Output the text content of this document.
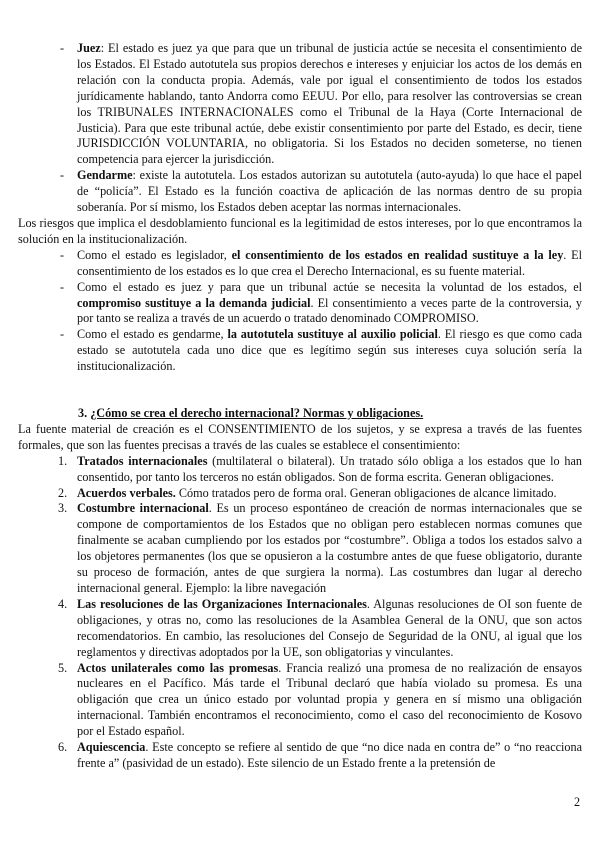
- Juez: El estado es juez ya que para que un tribunal de justicia actúe se necesita el consentimiento de los Estados. El Estado autotutela sus propios derechos e intereses y enjuiciar los actos de los demás en relación con la conducta propia. Además, vale por igual el consentimiento de todos los estados jurídicamente hablando, tanto Andorra como EEUU. Por ello, para resolver las controversias se crean los TRIBUNALES INTERNACIONALES como el Tribunal de la Haya (Corte Internacional de Justicia). Para que este tribunal actúe, debe existir consentimiento por parte del Estado, es decir, tiene JURISDICCIÓN VOLUNTARIA, no obligatoria. Si los Estados no deciden someterse, no tienen competencia para ejercer la jurisdicción.
- Gendarme: existe la autotutela. Los estados autorizan su autotutela (auto-ayuda) lo que hace el papel de “policía”. El Estado es la función coactiva de aplicación de las normas dentro de su propia soberanía. Por sí mismo, los Estados deben aceptar las normas internacionales.

Los riesgos que implica el desdoblamiento funcional es la legitimidad de estos intereses, por lo que encontramos la solución en la institucionalización.

- Como el estado es legislador, el consentimiento de los estados en realidad sustituye a la ley. El consentimiento de los estados es lo que crea el Derecho Internacional, es su fuente material.
- Como el estado es juez y para que un tribunal actúe se necesita la voluntad de los estados, el compromiso sustituye a la demanda judicial. El consentimiento a veces parte de la controversia, y por tanto se realiza a través de un acuerdo o tratado denominado COMPROMISO.
- Como el estado es gendarme, la autotutela sustituye al auxilio policial. El riesgo es que como cada estado se autotutela cada uno dice que es legítimo según sus intereses cuya solución sería la institucionalización.
3. ¿Cómo se crea el derecho internacional? Normas y obligaciones.

La fuente material de creación es el CONSENTIMIENTO de los sujetos, y se expresa a través de las fuentes formales, que son las fuentes precisas a través de las cuales se establece el consentimiento:

1. Tratados internacionales (multilateral o bilateral). Un tratado sólo obliga a los estados que lo han consentido, por tanto los terceros no están obligados. Son de forma escrita. Generan obligaciones.
2. Acuerdos verbales. Cómo tratados pero de forma oral. Generan obligaciones de alcance limitado.
3. Costumbre internacional. Es un proceso espontáneo de creación de normas internacionales que se compone de comportamientos de los Estados que no obligan pero establecen normas comunes que finalmente se acaban cumpliendo por los estados por “costumbre”. Obliga a todos los estados salvo a los objetores permanentes (los que se opusieron a la costumbre antes de que fuese obligatorio, durante su proceso de formación, antes de que surgiera la norma). Las costumbres dan lugar al derecho internacional general. Ejemplo: la libre navegación
4. Las resoluciones de las Organizaciones Internacionales. Algunas resoluciones de OI son fuente de obligaciones, y otras no, como las resoluciones de la Asamblea General de la ONU, que son actos recomendatorios. En cambio, las resoluciones del Consejo de Seguridad de la ONU, al igual que los reglamentos y directivas adoptados por la UE, son obligatorias y vinculantes.
5. Actos unilaterales como las promesas. Francia realizó una promesa de no realización de ensayos nucleares en el Pacífico. Más tarde el Tribunal declaró que había violado su promesa. Es una obligación que crea un único estado por voluntad propia y genera en sí mismo una obligación internacional. También encontramos el reconocimiento, como el caso del reconocimiento de Kosovo por el Estado español.
6. Aquiescencia. Este concepto se refiere al sentido de que “no dice nada en contra de” o “no reacciona frente a” (pasividad de un estado). Este silencio de un Estado frente a la pretensión de
2
